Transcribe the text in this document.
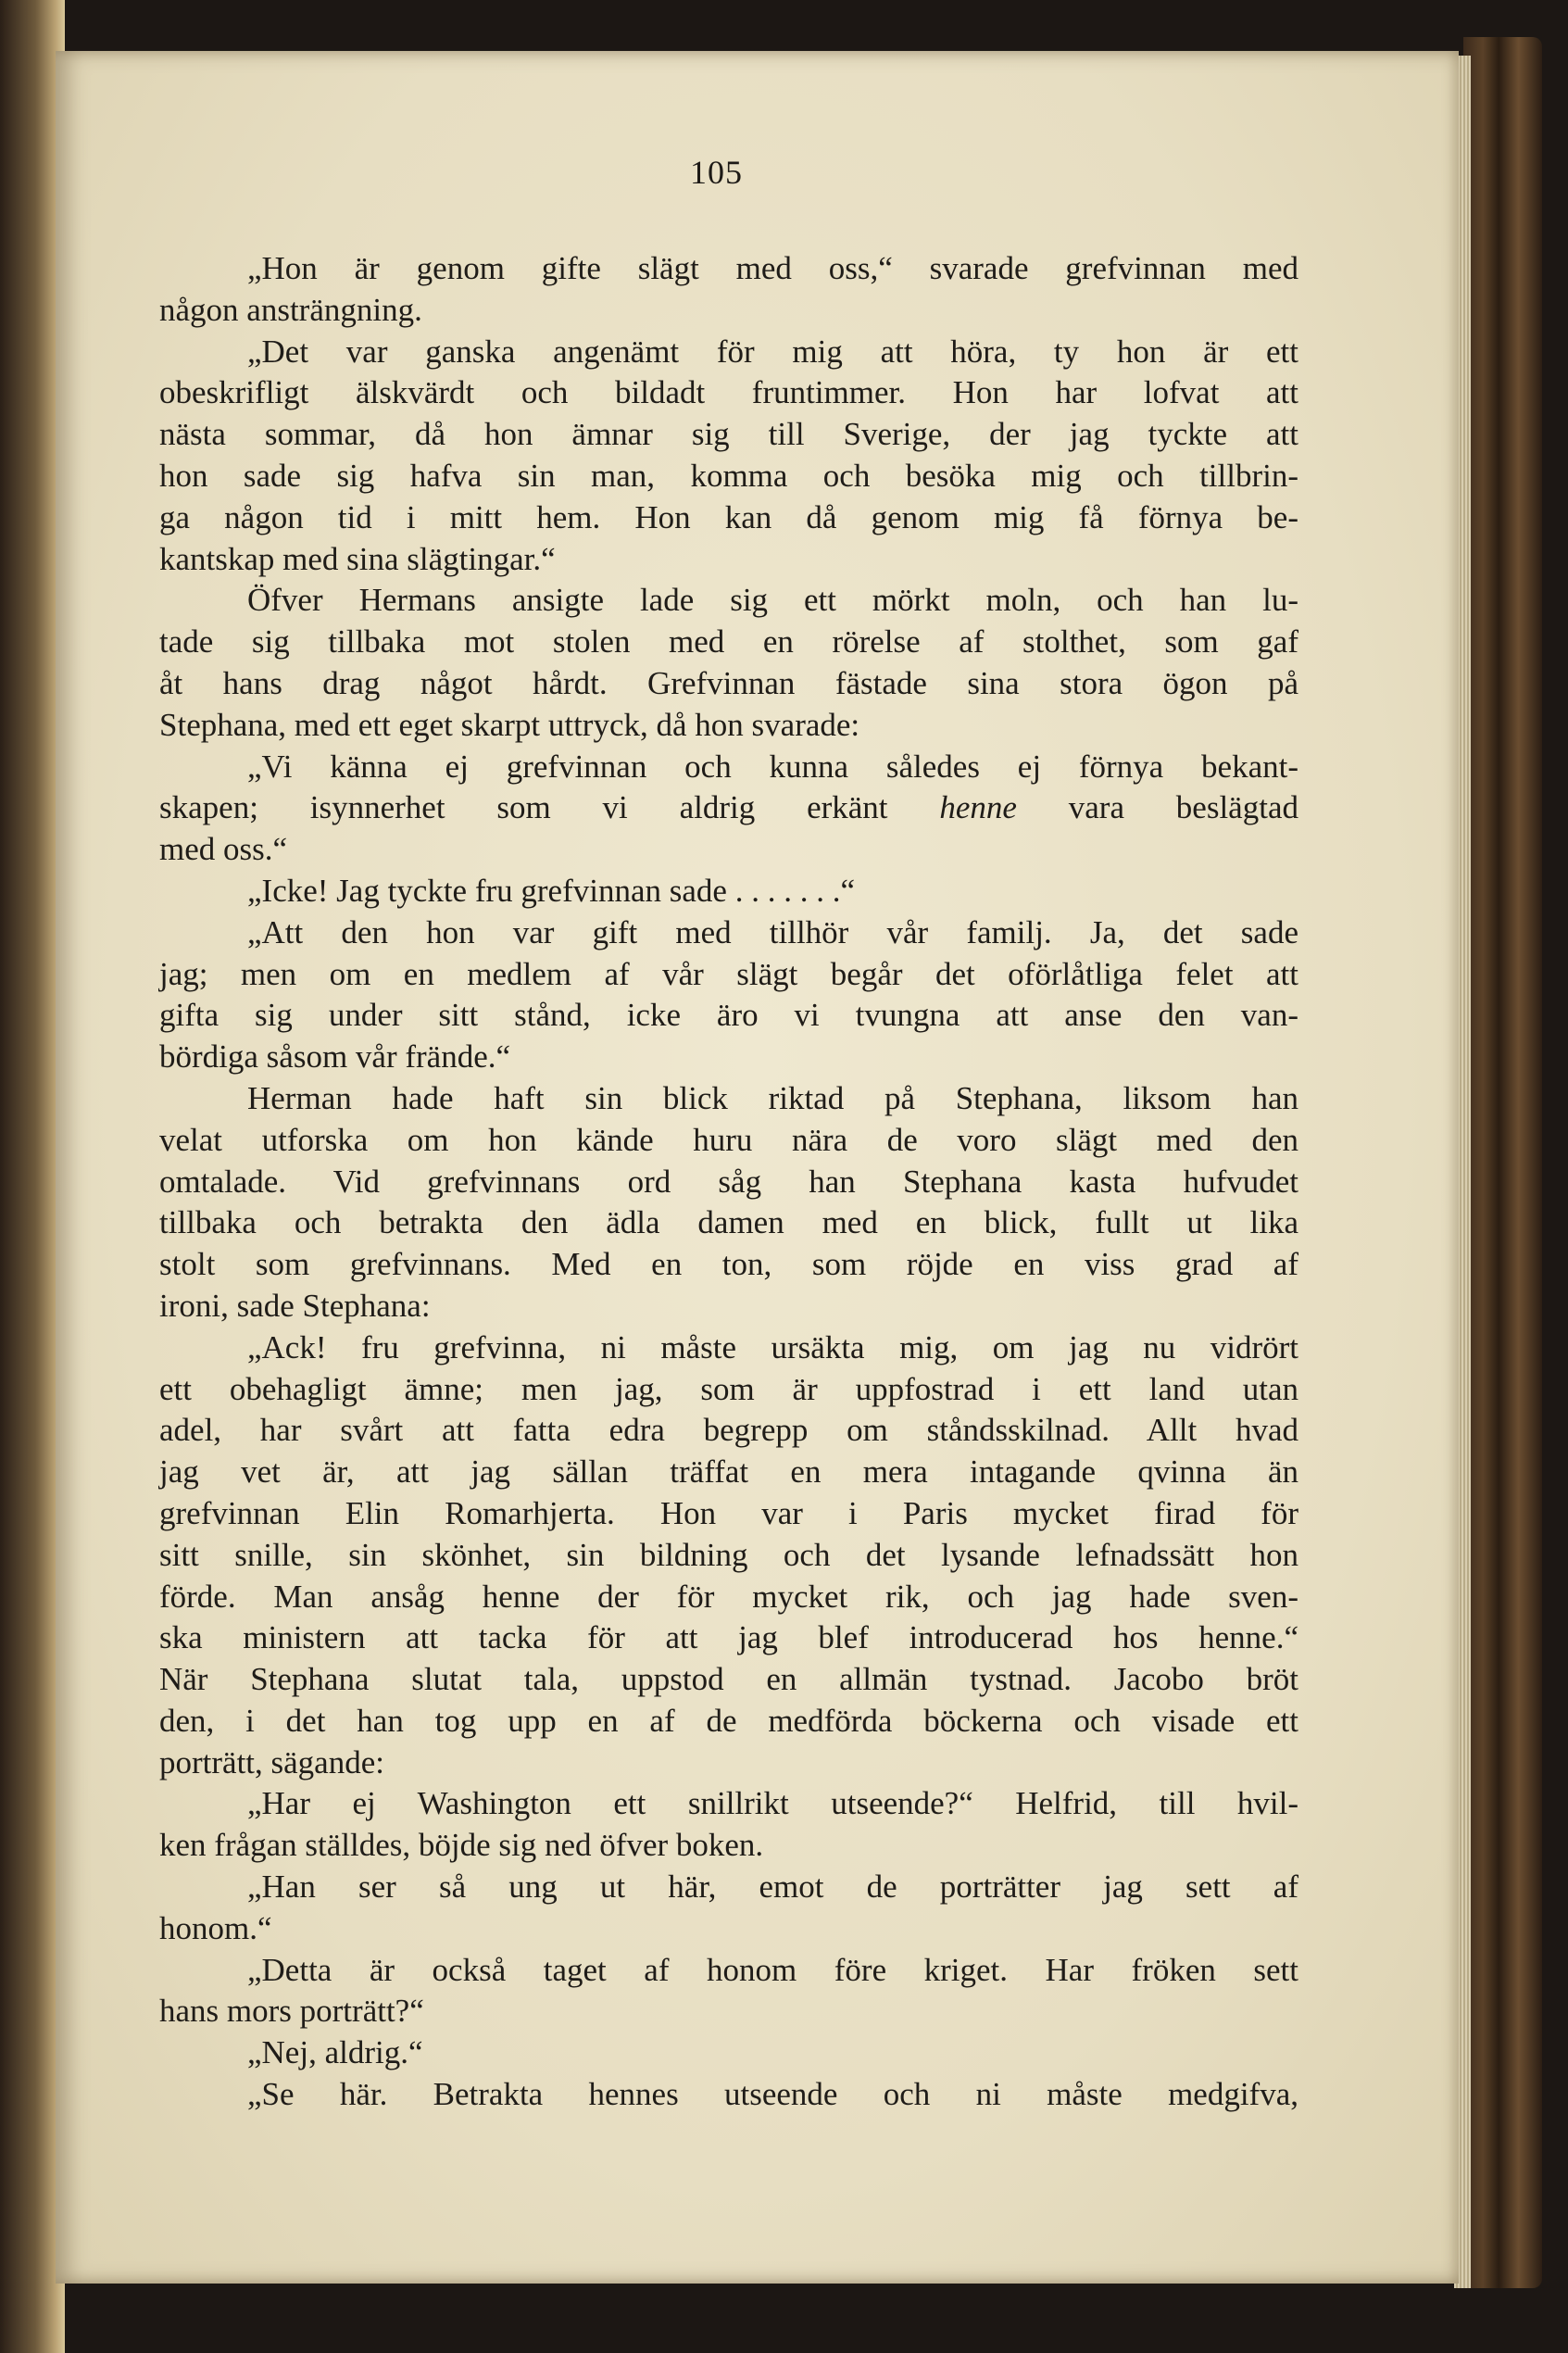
105
„Hon är genom gifte slägt med oss,“ svarade grefvinnan med
någon ansträngning.
„Det var ganska angenämt för mig att höra, ty hon är ett
obeskrifligt älskvärdt och bildadt fruntimmer. Hon har lofvat att
nästa sommar, då hon ämnar sig till Sverige, der jag tyckte att
hon sade sig hafva sin man, komma och besöka mig och tillbrin-
ga någon tid i mitt hem. Hon kan då genom mig få förnya be-
kantskap med sina slägtingar.“
Öfver Hermans ansigte lade sig ett mörkt moln, och han lu-
tade sig tillbaka mot stolen med en rörelse af stolthet, som gaf
åt hans drag något hårdt. Grefvinnan fästade sina stora ögon på
Stephana, med ett eget skarpt uttryck, då hon svarade:
„Vi känna ej grefvinnan och kunna således ej förnya bekant-
skapen; isynnerhet som vi aldrig erkänt henne vara beslägtad
med oss.“
„Icke! Jag tyckte fru grefvinnan sade . . . . . . .“
„Att den hon var gift med tillhör vår familj. Ja, det sade
jag; men om en medlem af vår slägt begår det oförlåtliga felet att
gifta sig under sitt stånd, icke äro vi tvungna att anse den van-
bördiga såsom vår frände.“
Herman hade haft sin blick riktad på Stephana, liksom han
velat utforska om hon kände huru nära de voro slägt med den
omtalade. Vid grefvinnans ord såg han Stephana kasta hufvudet
tillbaka och betrakta den ädla damen med en blick, fullt ut lika
stolt som grefvinnans. Med en ton, som röjde en viss grad af
ironi, sade Stephana:
„Ack! fru grefvinna, ni måste ursäkta mig, om jag nu vidrört
ett obehagligt ämne; men jag, som är uppfostrad i ett land utan
adel, har svårt att fatta edra begrepp om ståndsskilnad. Allt hvad
jag vet är, att jag sällan träffat en mera intagande qvinna än
grefvinnan Elin Romarhjerta. Hon var i Paris mycket firad för
sitt snille, sin skönhet, sin bildning och det lysande lefnadssätt hon
förde. Man ansåg henne der för mycket rik, och jag hade sven-
ska ministern att tacka för att jag blef introducerad hos henne.“
När Stephana slutat tala, uppstod en allmän tystnad. Jacobo bröt
den, i det han tog upp en af de medförda böckerna och visade ett
porträtt, sägande:
„Har ej Washington ett snillrikt utseende?“ Helfrid, till hvil-
ken frågan ställdes, böjde sig ned öfver boken.
„Han ser så ung ut här, emot de porträtter jag sett af
honom.“
„Detta är också taget af honom före kriget. Har fröken sett
hans mors porträtt?“
„Nej, aldrig.“
„Se här. Betrakta hennes utseende och ni måste medgifva,
